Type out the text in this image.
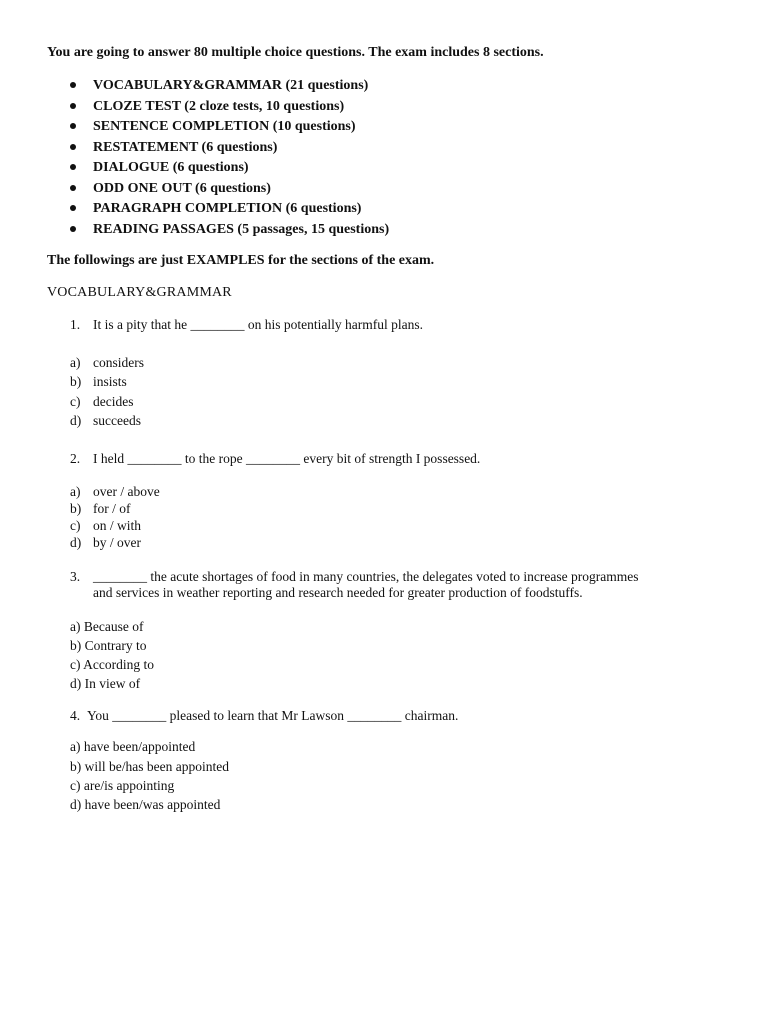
You are going to answer 80 multiple choice questions. The exam includes 8 sections.
VOCABULARY&GRAMMAR (21 questions)
CLOZE TEST (2 cloze tests, 10 questions)
SENTENCE COMPLETION (10 questions)
RESTATEMENT (6 questions)
DIALOGUE (6 questions)
ODD ONE OUT (6 questions)
PARAGRAPH COMPLETION (6 questions)
READING PASSAGES (5 passages, 15 questions)
The followings are just EXAMPLES for the sections of the exam.
VOCABULARY&GRAMMAR
1. It is a pity that he ________ on his potentially harmful plans.
a) considers
b) insists
c) decides
d) succeeds
2. I held ________ to the rope ________ every bit of strength I possessed.
a) over / above
b) for / of
c) on / with
d) by / over
3. ________ the acute shortages of food in many countries, the delegates voted to increase programmes
and services in weather reporting and research needed for greater production of foodstuffs.
a) Because of
b) Contrary to
c) According to
d) In view of
4. You ________ pleased to learn that Mr Lawson ________ chairman.
a) have been/appointed
b) will be/has been appointed
c) are/is appointing
d) have been/was appointed
